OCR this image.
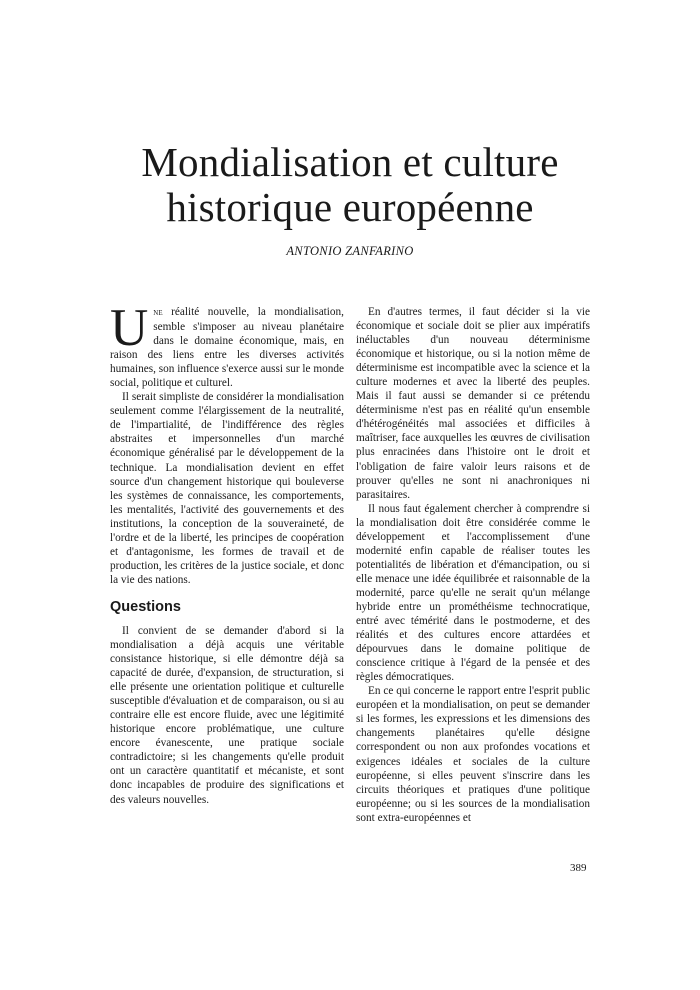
Mondialisation et culture
historique européenne
ANTONIO ZANFARINO

Une réalité nouvelle, la mondialisation, semble s'imposer au niveau planétaire dans le domaine économique, mais, en raison des liens entre les diverses activités humaines, son influence s'exerce aussi sur le monde social, politique et culturel.

Il serait simpliste de considérer la mondialisation seulement comme l'élargissement de la neutralité, de l'impartialité, de l'indifférence des règles abstraites et impersonnelles d'un marché économique généralisé par le développement de la technique. La mondialisation devient en effet source d'un changement historique qui bouleverse les systèmes de connaissance, les comportements, les mentalités, l'activité des gouvernements et des institutions, la conception de la souveraineté, de l'ordre et de la liberté, les principes de coopération et d'antagonisme, les formes de travail et de production, les critères de la justice sociale, et donc la vie des nations.

Questions

Il convient de se demander d'abord si la mondialisation a déjà acquis une véritable consistance historique, si elle démontre déjà sa capacité de durée, d'expansion, de structuration, si elle présente une orientation politique et culturelle susceptible d'évaluation et de comparaison, ou si au contraire elle est encore fluide, avec une légitimité historique encore problématique, une culture encore évanescente, une pratique sociale contradictoire; si les changements qu'elle produit ont un caractère quantitatif et mécaniste, et sont donc incapables de produire des significations et des valeurs nouvelles.

En d'autres termes, il faut décider si la vie économique et sociale doit se plier aux impératifs inéluctables d'un nouveau déterminisme économique et historique, ou si la notion même de déterminisme est incompatible avec la science et la culture modernes et avec la liberté des peuples. Mais il faut aussi se demander si ce prétendu déterminisme n'est pas en réalité qu'un ensemble d'hétérogénéités mal associées et difficiles à maîtriser, face auxquelles les œuvres de civilisation plus enracinées dans l'histoire ont le droit et l'obligation de faire valoir leurs raisons et de prouver qu'elles ne sont ni anachroniques ni parasitaires.

Il nous faut également chercher à comprendre si la mondialisation doit être considérée comme le développement et l'accomplissement d'une modernité enfin capable de réaliser toutes les potentialités de libération et d'émancipation, ou si elle menace une idée équilibrée et raisonnable de la modernité, parce qu'elle ne serait qu'un mélange hybride entre un prométhéisme technocratique, entré avec témérité dans le postmoderne, et des réalités et des cultures encore attardées et dépourvues dans le domaine politique de conscience critique à l'égard de la pensée et des règles démocratiques.

En ce qui concerne le rapport entre l'esprit public européen et la mondialisation, on peut se demander si les formes, les expressions et les dimensions des changements planétaires qu'elle désigne correspondent ou non aux profondes vocations et exigences idéales et sociales de la culture européenne, si elles peuvent s'inscrire dans les circuits théoriques et pratiques d'une politique européenne; ou si les sources de la mondialisation sont extra-européennes et

389
